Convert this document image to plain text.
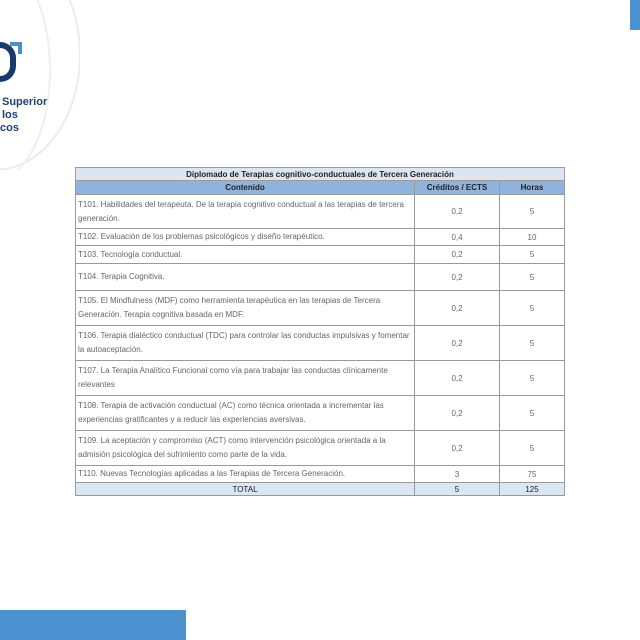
Superior
los
cos
Diplomado de Terapias cognitivo-conductuales de Tercera Generación		
Contenido	Créditos / ECTS	Horas
T101. Habilidades del terapeuta. De la terapia cognitivo conductual a las terapias de tercera generación.	0,2	5
T102. Evaluación de los problemas psicológicos y diseño terapéutico.	0,4	10
T103. Tecnología conductual.	0,2	5
T104. Terapia Cognitiva.	0,2	5
T105. El Mindfulness (MDF) como herramienta terapéutica en las terapias de Tercera Generación. Terapia cognitiva basada en MDF.	0,2	5
T106. Terapia dialéctico conductual (TDC) para controlar las conductas impulsivas y fomentar la autoaceptación.	0,2	5
T107. La Terapia Analítico Funcional como vía para trabajar las conductas clínicamente relevantes	0,2	5
T108. Terapia de activación conductual (AC) como técnica orientada a incrementar las experiencias gratificantes y a reducir las experiencias aversivas.	0,2	5
T109. La aceptación y compromiso (ACT) como intervención psicológica orientada a la admisión psicológica del sufrimiento como parte de la vida.	0,2	5
T110. Nuevas Tecnologías aplicadas a las Terapias de Tercera Generación.	3	75
TOTAL	5	125
